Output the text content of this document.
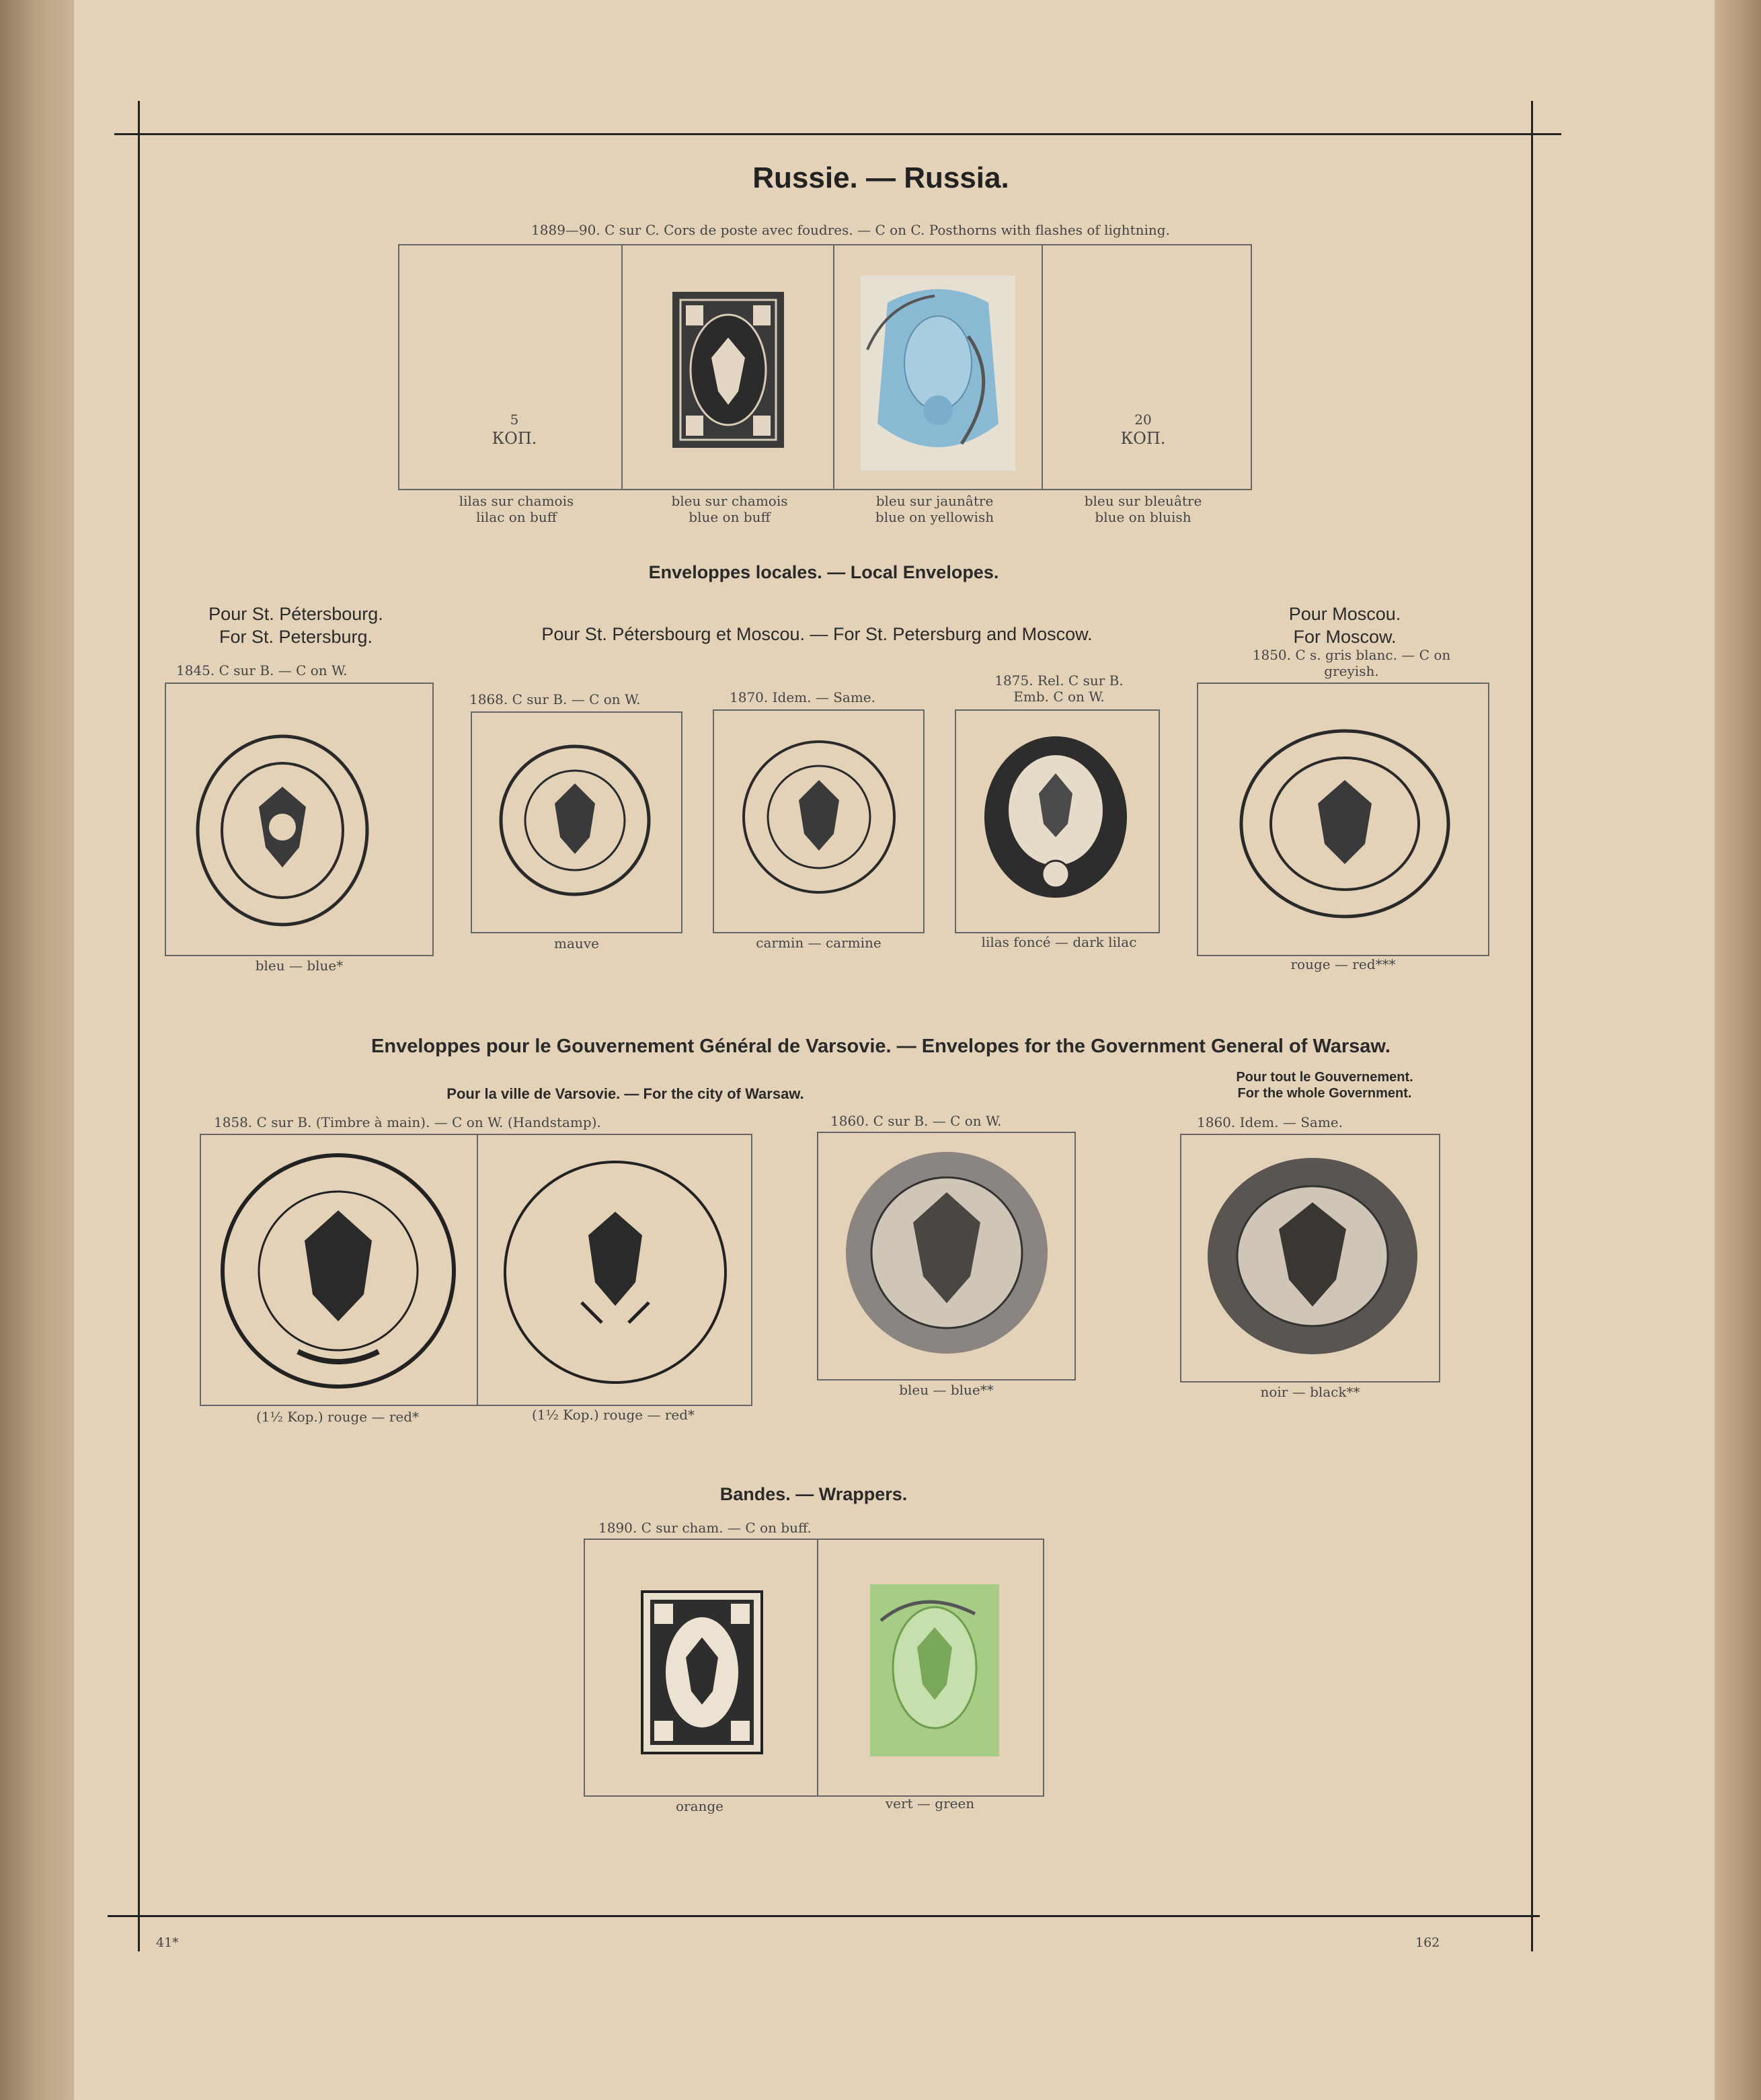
Russie. — Russia.
1889—90. C sur C. Cors de poste avec foudres. — C on C. Posthorns with flashes of lightning.
5
КОП.
20
КОП.
lilas sur chamois
lilac on buff
bleu sur chamois
blue on buff
bleu sur jaunâtre
blue on yellowish
bleu sur bleuâtre
blue on bluish
Enveloppes locales. — Local Envelopes.
Pour St. Pétersbourg.
For St. Petersburg.
1845. C sur B. — C on W.
bleu — blue*
Pour St. Pétersbourg et Moscou. — For St. Petersburg and Moscow.
1868. C sur B. — C on W.
mauve
1870. Idem. — Same.
carmin — carmine
1875. Rel. C sur B.
Emb. C on W.
lilas foncé — dark lilac
Pour Moscou.
For Moscow.
1850. C s. gris blanc. — C on
greyish.
rouge — red***
Enveloppes pour le Gouvernement Général de Varsovie. — Envelopes for the Government General of Warsaw.
Pour la ville de Varsovie. — For the city of Warsaw.
Pour tout le Gouvernement.
For the whole Government.
1858. C sur B. (Timbre à main). — C on W. (Handstamp).	1860. C sur B. — C on W.	1860. Idem. — Same.
(1½ Kop.) rouge — red*	(1½ Kop.) rouge — red*
bleu — blue**	noir — black**
Bandes. — Wrappers.
1890. C sur cham. — C on buff.
orange	vert — green
41*	162
